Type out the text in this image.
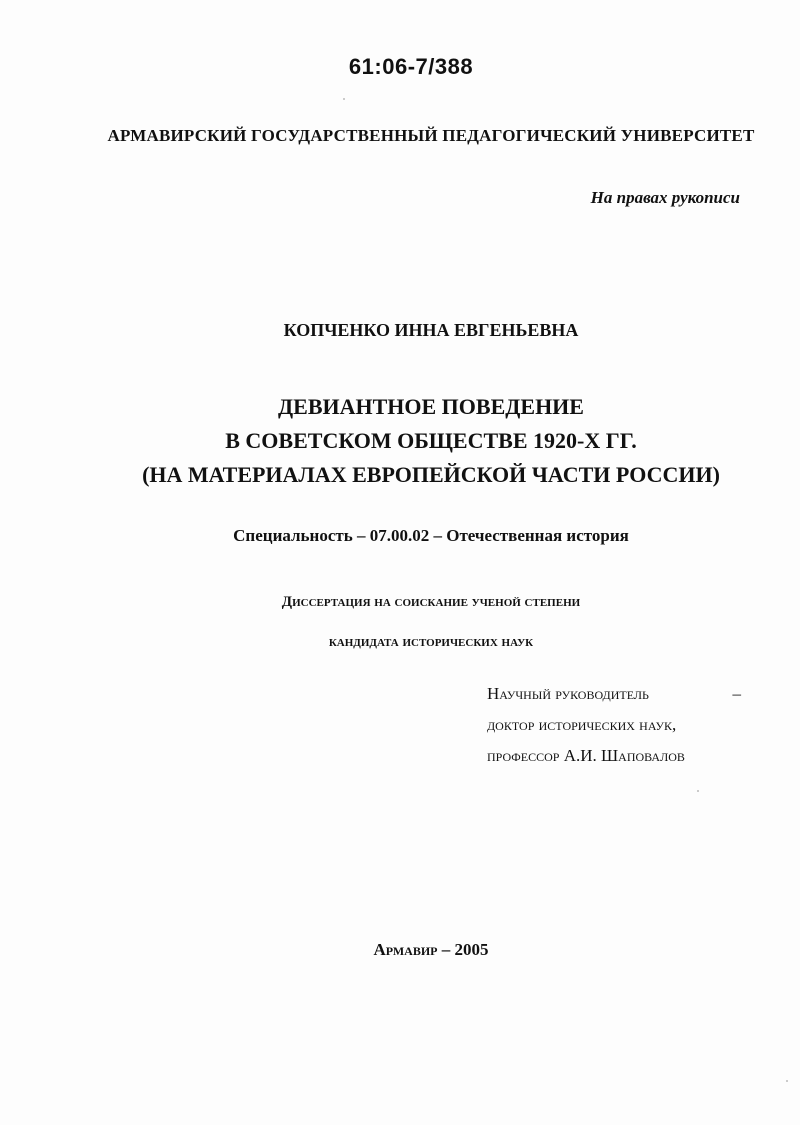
61:06-7/388
АРМАВИРСКИЙ ГОСУДАРСТВЕННЫЙ ПЕДАГОГИЧЕСКИЙ УНИВЕРСИТЕТ
На правах рукописи
КОПЧЕНКО ИННА ЕВГЕНЬЕВНА
ДЕВИАНТНОЕ ПОВЕДЕНИЕ
В СОВЕТСКОМ ОБЩЕСТВЕ 1920-Х ГГ.
(НА МАТЕРИАЛАХ ЕВРОПЕЙСКОЙ ЧАСТИ РОССИИ)
Специальность – 07.00.02 – Отечественная история
Диссертация на соискание ученой степени
кандидата исторических наук
Научный руководитель	–
доктор исторических наук,
профессор А.И. Шаповалов
Армавир – 2005
